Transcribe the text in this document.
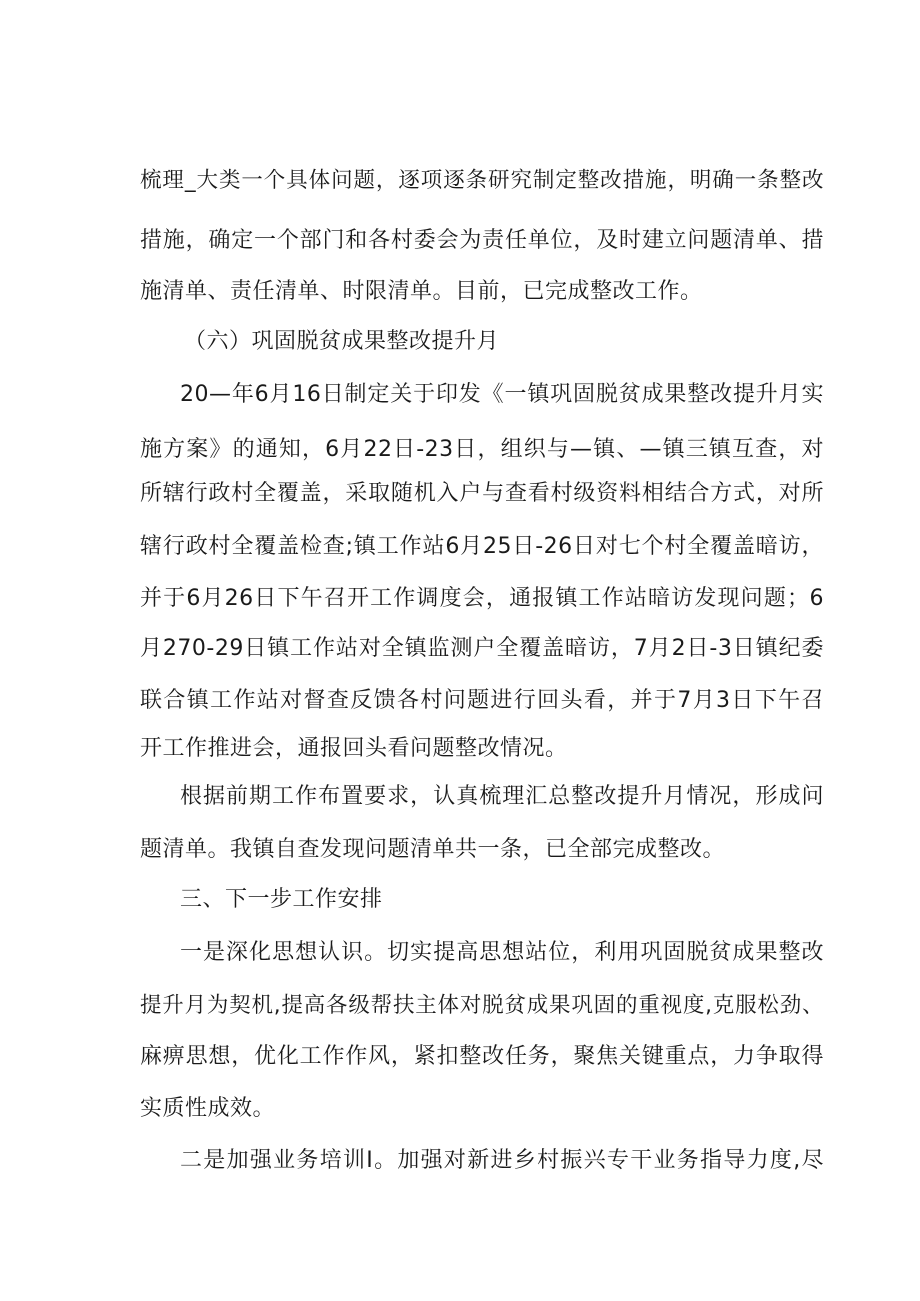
梳理_大类一个具体问题，逐项逐条研究制定整改措施，明确一条整改
措施，确定一个部门和各村委会为责任单位，及时建立问题清单、措
施清单、责任清单、时限清单。目前，已完成整改工作。
（六）巩固脱贫成果整改提升月
20—年6月16日制定关于印发《一镇巩固脱贫成果整改提升月实
施方案》的通知，6月22日-23日，组织与—镇、—镇三镇互查，对
所辖行政村全覆盖，采取随机入户与查看村级资料相结合方式，对所
辖行政村全覆盖检查;镇工作站6月25日-26日对七个村全覆盖暗访，
并于6月26日下午召开工作调度会，通报镇工作站暗访发现问题；6
月270-29日镇工作站对全镇监测户全覆盖暗访，7月2日-3日镇纪委
联合镇工作站对督查反馈各村问题进行回头看，并于7月3日下午召
开工作推进会，通报回头看问题整改情况。
根据前期工作布置要求，认真梳理汇总整改提升月情况，形成问
题清单。我镇自查发现问题清单共一条，已全部完成整改。
三、下一步工作安排
一是深化思想认识。切实提高思想站位，利用巩固脱贫成果整改
提升月为契机,提高各级帮扶主体对脱贫成果巩固的重视度,克服松劲、
麻痹思想，优化工作作风，紧扣整改任务，聚焦关键重点，力争取得
实质性成效。
二是加强业务培训I。加强对新进乡村振兴专干业务指导力度,尽
